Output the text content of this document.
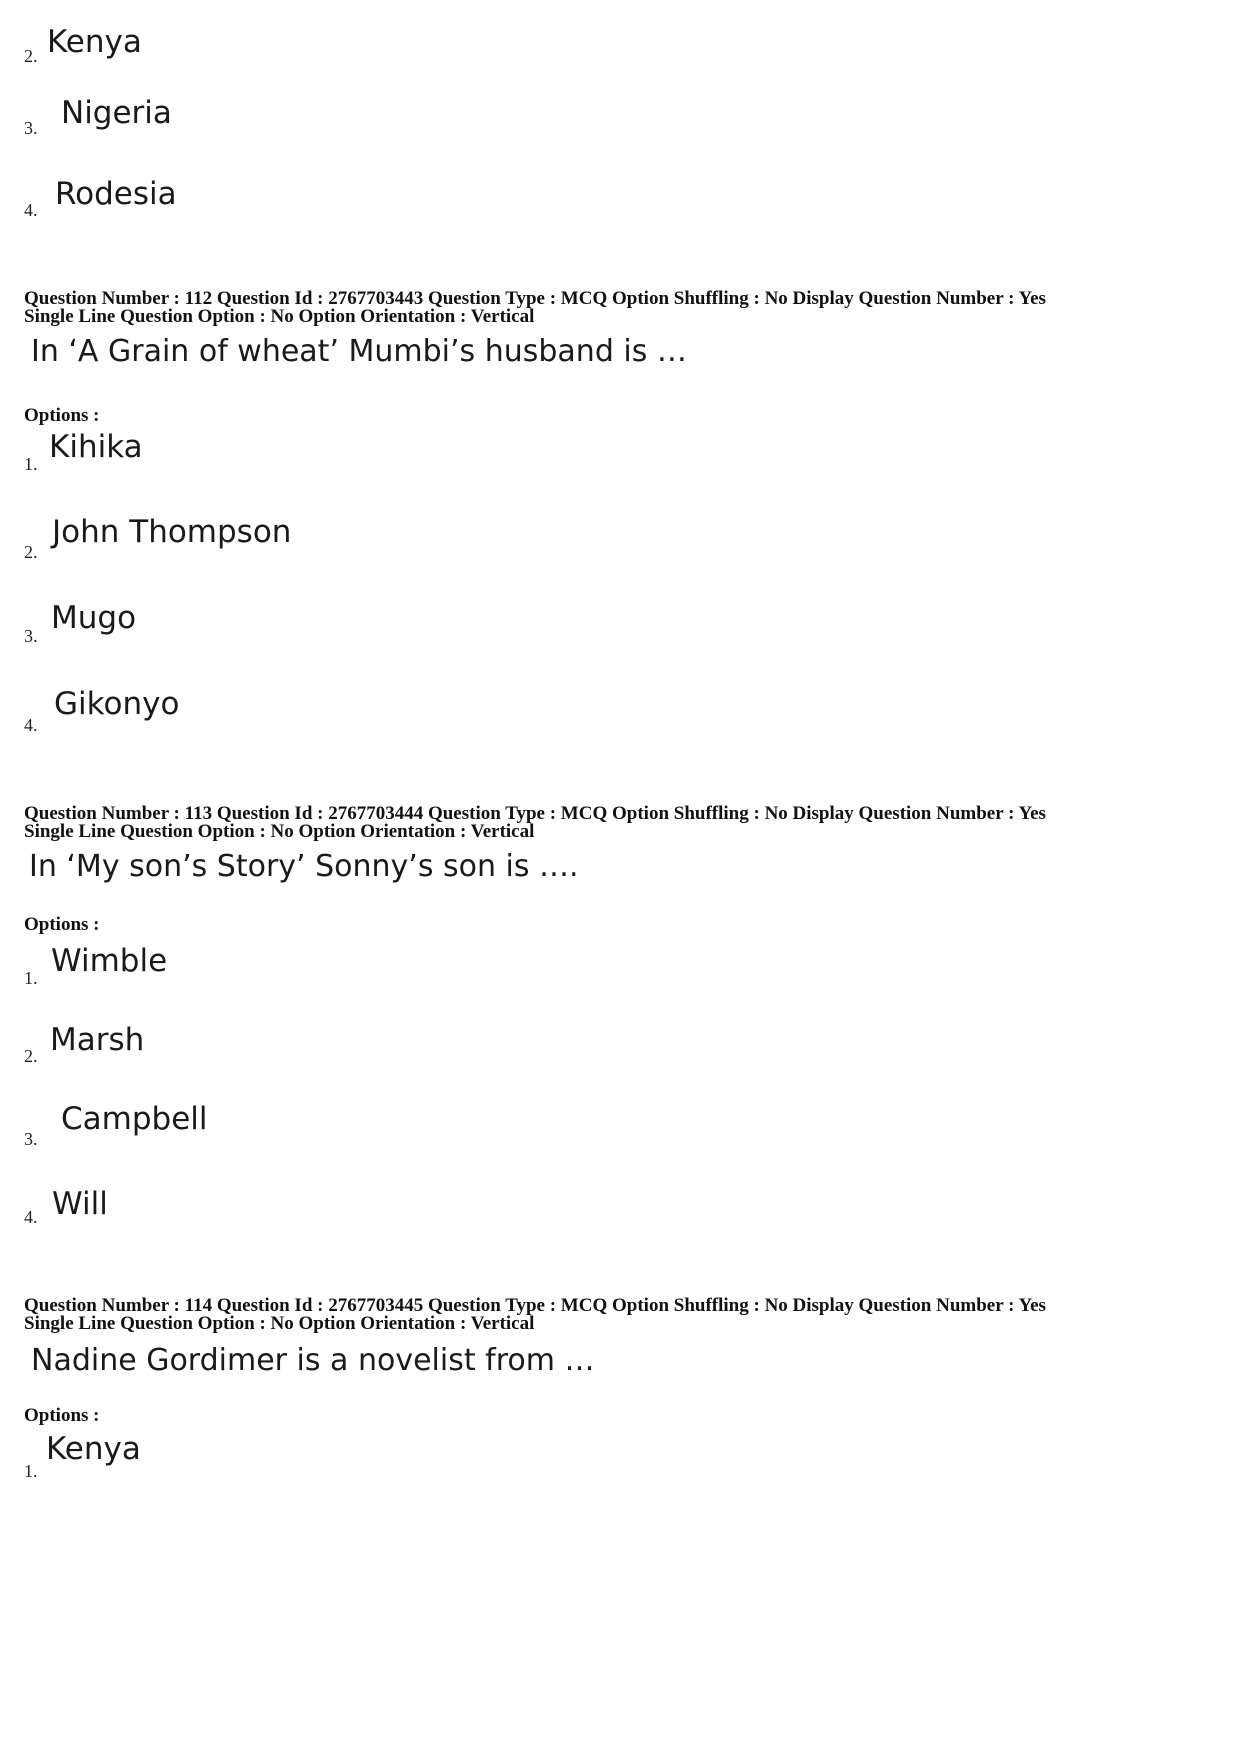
2. Kenya
3. Nigeria
4. Rodesia
Question Number : 112 Question Id : 2767703443 Question Type : MCQ Option Shuffling : No Display Question Number : Yes
Single Line Question Option : No Option Orientation : Vertical
In ‘A Grain of wheat’ Mumbi’s husband is …
Options :
1. Kihika
2.
John Thompson
3. Mugo
4.
Gikonyo
Question Number : 113 Question Id : 2767703444 Question Type : MCQ Option Shuffling : No Display Question Number : Yes
Single Line Question Option : No Option Orientation : Vertical
In ‘My son’s Story’ Sonny’s son is ….
Options :
1. Wimble
2. Marsh
3.
Campbell
4. Will
Question Number : 114 Question Id : 2767703445 Question Type : MCQ Option Shuffling : No Display Question Number : Yes
Single Line Question Option : No Option Orientation : Vertical
Nadine Gordimer is a novelist from …
Options :
1.
Kenya
